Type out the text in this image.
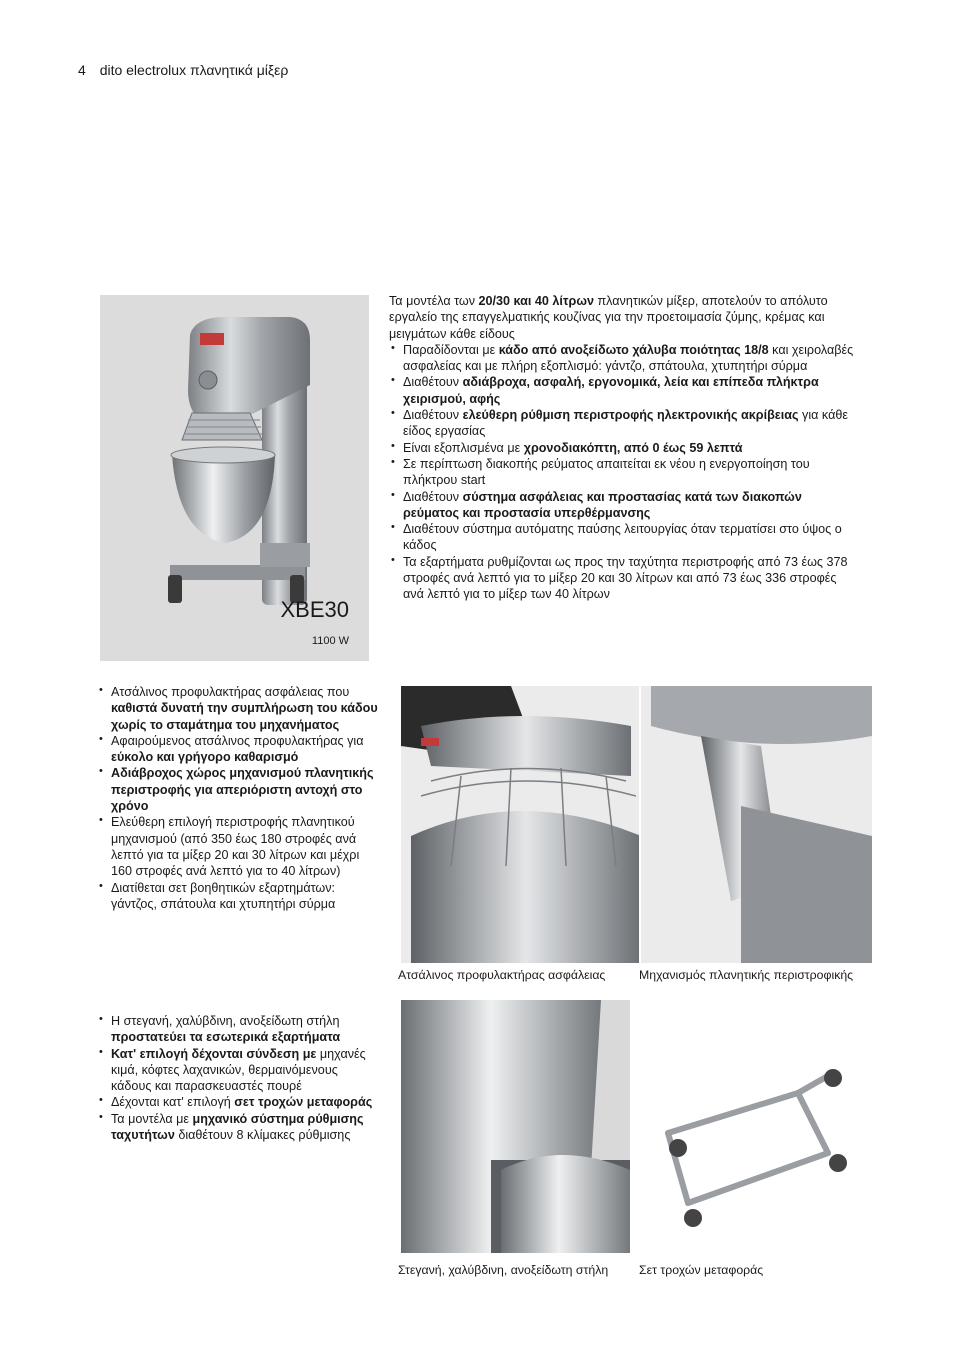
4 dito electrolux πλανητικά μίξερ
XBE30
1100 W
Τα μοντέλα των 20/30 και 40 λίτρων πλανητικών μίξερ, αποτελούν το απόλυτο εργαλείο της επαγγελματικής κουζίνας για την προετοιμασία ζύμης, κρέμας και μειγμάτων κάθε είδους
• Παραδίδονται με κάδο από ανοξείδωτο χάλυβα ποιότητας 18/8 και χειρολαβές ασφαλείας και με πλήρη εξοπλισμό: γάντζο, σπάτουλα, χτυπητήρι σύρμα
• Διαθέτουν αδιάβροχα, ασφαλή, εργονομικά, λεία και επίπεδα πλήκτρα χειρισμού, αφής
• Διαθέτουν ελεύθερη ρύθμιση περιστροφής ηλεκτρονικής ακρίβειας για κάθε είδος εργασίας
• Είναι εξοπλισμένα με χρονοδιακόπτη, από 0 έως 59 λεπτά
• Σε περίπτωση διακοπής ρεύματος απαιτείται εκ νέου η ενεργοποίηση του πλήκτρου start
• Διαθέτουν σύστημα ασφάλειας και προστασίας κατά των διακοπών ρεύματος και προστασία υπερθέρμανσης
• Διαθέτουν σύστημα αυτόματης παύσης λειτουργίας όταν τερματίσει στο ύψος ο κάδος
• Τα εξαρτήματα ρυθμίζονται ως προς την ταχύτητα περιστροφής από 73 έως 378 στροφές ανά λεπτό για το μίξερ 20 και 30 λίτρων και από 73 έως 336 στροφές ανά λεπτό για το μίξερ των 40 λίτρων
• Ατσάλινος προφυλακτήρας ασφάλειας που καθιστά δυνατή την συμπλήρωση του κάδου χωρίς το σταμάτημα του μηχανήματος
• Αφαιρούμενος ατσάλινος προφυλακτήρας για εύκολο και γρήγορο καθαρισμό
• Αδιάβροχος χώρος μηχανισμού πλανητικής περιστροφής για απεριόριστη αντοχή στο χρόνο
• Ελεύθερη επιλογή περιστροφής πλανητικού μηχανισμού (από 350 έως 180 στροφές ανά λεπτό για τα μίξερ 20 και 30 λίτρων και μέχρι 160 στροφές ανά λεπτό για το 40 λίτρων)
• Διατίθεται σετ βοηθητικών εξαρτημάτων: γάντζος, σπάτουλα και χτυπητήρι σύρμα
• Η στεγανή, χαλύβδινη, ανοξείδωτη στήλη προστατεύει τα εσωτερικά εξαρτήματα
• Κατ' επιλογή δέχονται σύνδεση με μηχανές κιμά, κόφτες λαχανικών, θερμαινόμενους κάδους και παρασκευαστές πουρέ
• Δέχονται κατ' επιλογή σετ τροχών μεταφοράς
• Τα μοντέλα με μηχανικό σύστημα ρύθμισης ταχυτήτων διαθέτουν 8 κλίμακες ρύθμισης
Ατσάλινος προφυλακτήρας ασφάλειας	Μηχανισμός πλανητικής περιστροφικής
Στεγανή, χαλύβδινη, ανοξείδωτη στήλη	Σετ τροχών μεταφοράς
